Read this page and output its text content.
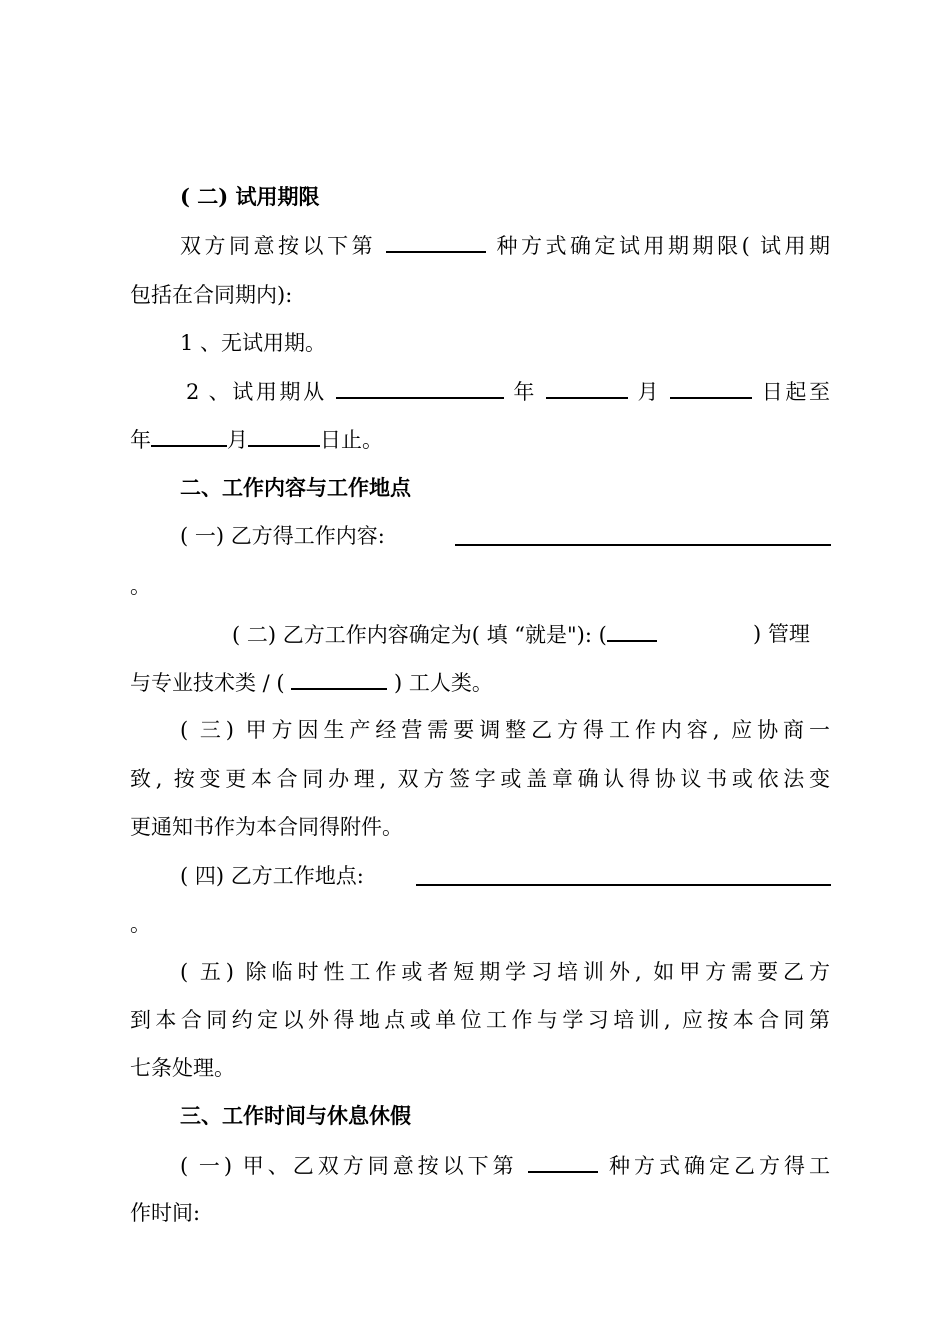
( 二) 试用期限
双方同意按以下第	种方式确定试用期期限( 试用期
包括在合同期内):
1 、无试用期。
2 、试用期从	年	月	日起至
年	月	日止。
二、工作内容与工作地点
( 一) 乙方得工作内容:
。
( 二) 乙方工作内容确定为( 填 “就是"): (	) 管理
与专业技术类 / (	) 工人类。
( 三) 甲方因生产经营需要调整乙方得工作内容, 应协商一
致, 按变更本合同办理, 双方签字或盖章确认得协议书或依法变
更通知书作为本合同得附件。
( 四) 乙方工作地点:
。
( 五) 除临时性工作或者短期学习培训外, 如甲方需要乙方
到本合同约定以外得地点或单位工作与学习培训, 应按本合同第
七条处理。
三、工作时间与休息休假
( 一) 甲、乙双方同意按以下第	种方式确定乙方得工
作时间:
